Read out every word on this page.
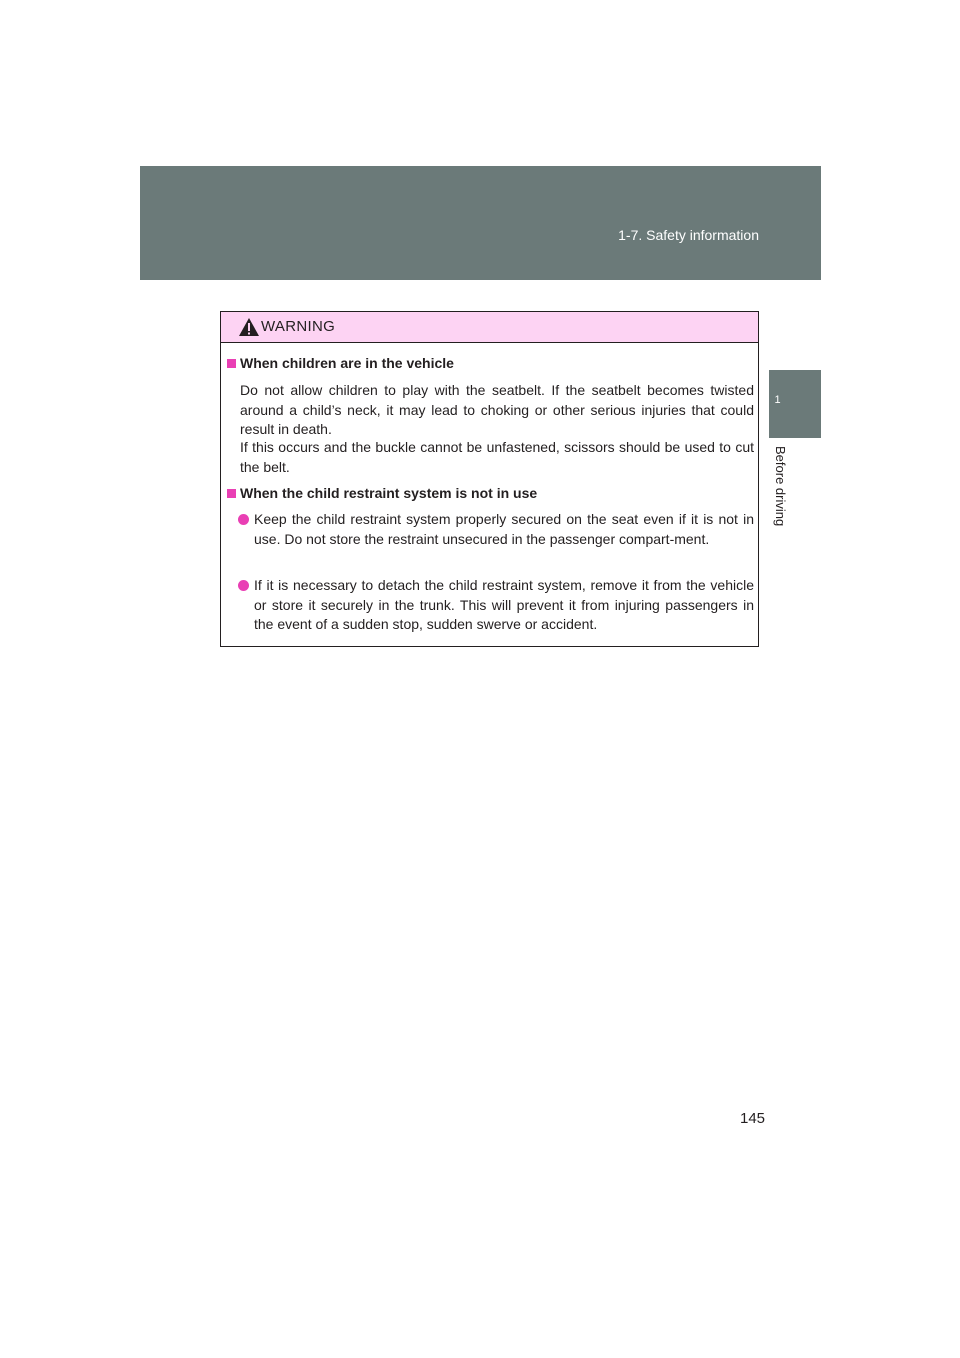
1-7. Safety information
1
Before driving
WARNING
When children are in the vehicle
Do not allow children to play with the seatbelt. If the seatbelt becomes twisted around a child’s neck, it may lead to choking or other serious injuries that could result in death.
If this occurs and the buckle cannot be unfastened, scissors should be used to cut the belt.
When the child restraint system is not in use
Keep the child restraint system properly secured on the seat even if it is not in use. Do not store the restraint unsecured in the passenger compart-ment.
If it is necessary to detach the child restraint system, remove it from the vehicle or store it securely in the trunk. This will prevent it from injuring passengers in the event of a sudden stop, sudden swerve or accident.
145
